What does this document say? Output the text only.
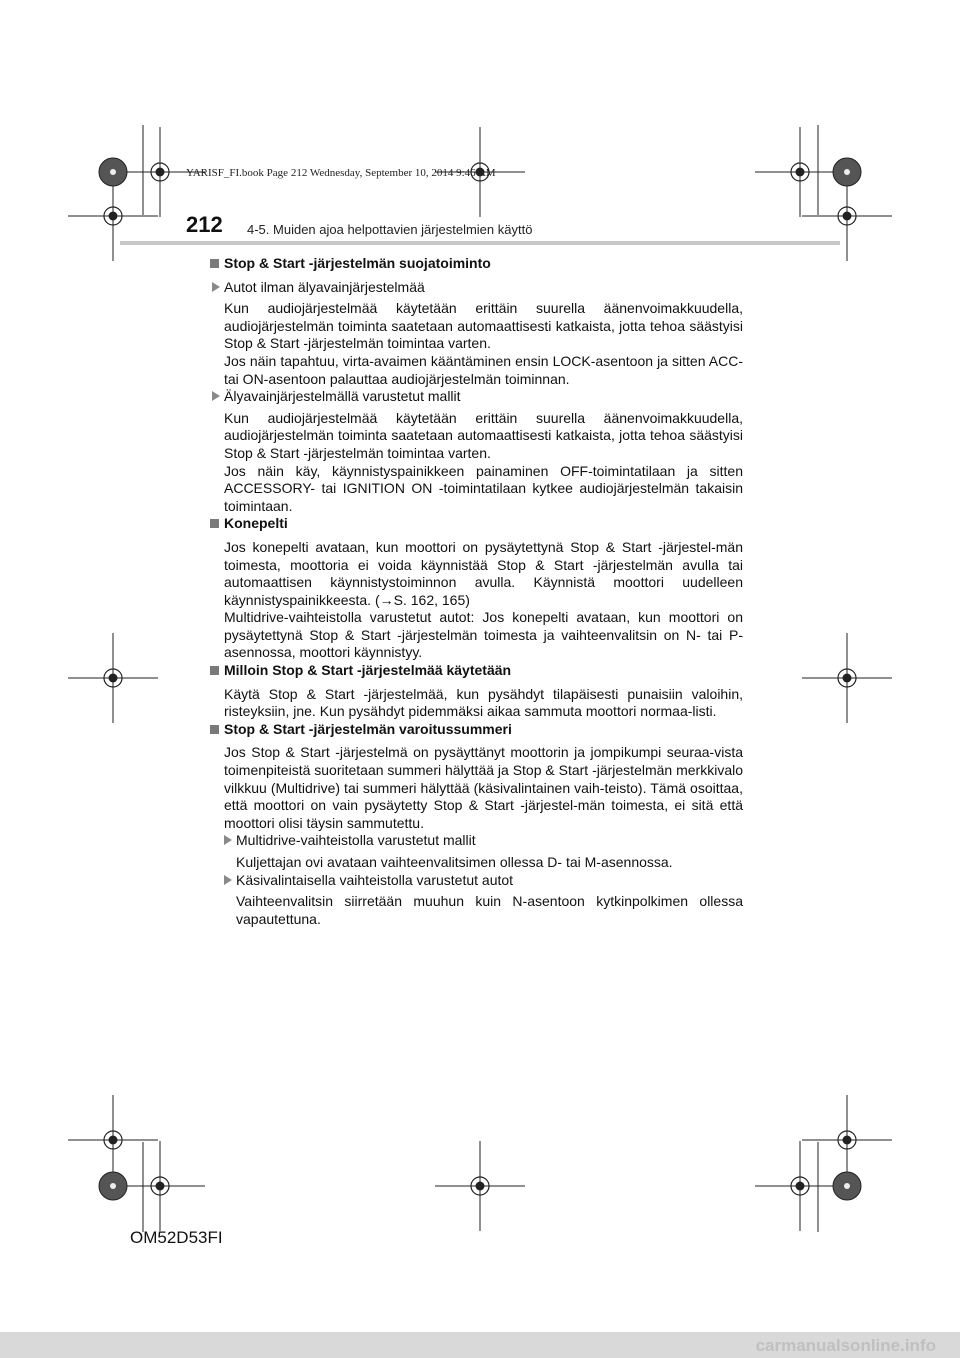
YARISF_FI.book Page 212 Wednesday, September 10, 2014 9:46 AM
212 4-5. Muiden ajoa helpottavien järjestelmien käyttö
Stop & Start -järjestelmän suojatoiminto
Autot ilman älyavainjärjestelmää

Kun audiojärjestelmää käytetään erittäin suurella äänenvoimakkuudella, audiojärjestelmän toiminta saatetaan automaattisesti katkaista, jotta tehoa säästyisi Stop & Start -järjestelmän toimintaa varten.

Jos näin tapahtuu, virta-avaimen kääntäminen ensin LOCK-asentoon ja sitten ACC- tai ON-asentoon palauttaa audiojärjestelmän toiminnan.

Älyavainjärjestelmällä varustetut mallit

Kun audiojärjestelmää käytetään erittäin suurella äänenvoimakkuudella, audiojärjestelmän toiminta saatetaan automaattisesti katkaista, jotta tehoa säästyisi Stop & Start -järjestelmän toimintaa varten.

Jos näin käy, käynnistyspainikkeen painaminen OFF-toimintatilaan ja sitten ACCESSORY- tai IGNITION ON -toimintatilaan kytkee audiojärjestelmän takaisin toimintaan.

Konepelti

Jos konepelti avataan, kun moottori on pysäytettynä Stop & Start -järjestel-män toimesta, moottoria ei voida käynnistää Stop & Start -järjestelmän avulla tai automaattisen käynnistystoiminnon avulla. Käynnistä moottori uudelleen käynnistyspainikkeesta. (→S. 162, 165)

Multidrive-vaihteistolla varustetut autot: Jos konepelti avataan, kun moottori on pysäytettynä Stop & Start -järjestelmän toimesta ja vaihteenvalitsin on N- tai P-asennossa, moottori käynnistyy.

Milloin Stop & Start -järjestelmää käytetään

Käytä Stop & Start -järjestelmää, kun pysähdyt tilapäisesti punaisiin valoihin, risteyksiin, jne. Kun pysähdyt pidemmäksi aikaa sammuta moottori normaa-listi.

Stop & Start -järjestelmän varoitussummeri

Jos Stop & Start -järjestelmä on pysäyttänyt moottorin ja jompikumpi seuraa-vista toimenpiteistä suoritetaan summeri hälyttää ja Stop & Start -järjestelmän merkkivalo vilkkuu (Multidrive) tai summeri hälyttää (käsivalintainen vaih-teisto). Tämä osoittaa, että moottori on vain pysäytetty Stop & Start -järjestel-män toimesta, ei sitä että moottori olisi täysin sammutettu.

Multidrive-vaihteistolla varustetut mallit

Kuljettajan ovi avataan vaihteenvalitsimen ollessa D- tai M-asennossa.

Käsivalintaisella vaihteistolla varustetut autot

Vaihteenvalitsin siirretään muuhun kuin N-asentoon kytkinpolkimen ollessa vapautettuna.

OM52D53FI
carmanualsonline.info
